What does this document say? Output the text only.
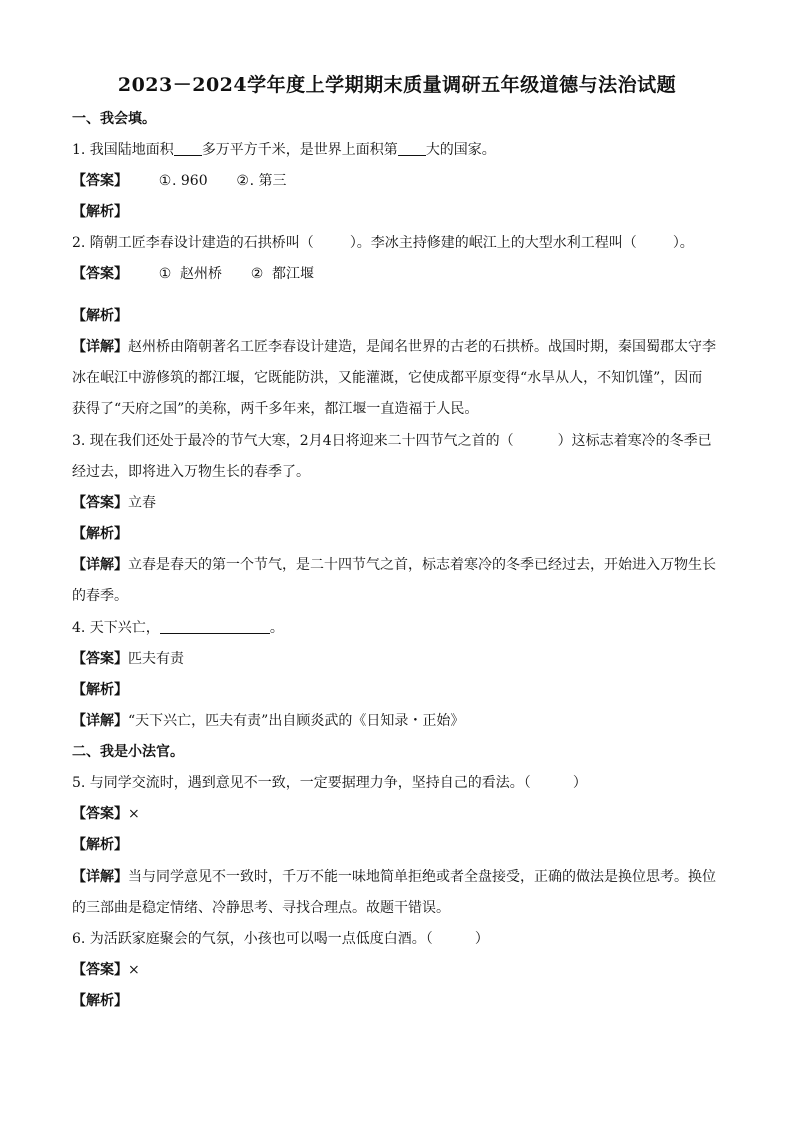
2023－2024学年度上学期期末质量调研五年级道德与法治试题
一、我会填。
1. 我国陆地面积 多万平方千米，是世界上面积第 大的国家。
【答案】 ①. 960 ②. 第三
【解析】
2. 隋朝工匠李春设计建造的石拱桥叫（	）。李冰主持修建的岷江上的大型水利工程叫（	）。
【答案】 ① 赵州桥 ② 都江堰
【解析】
【详解】赵州桥由隋朝著名工匠李春设计建造，是闻名世界的古老的石拱桥。战国时期，秦国蜀郡太守李
冰在岷江中游修筑的都江堰，它既能防洪，又能灌溉，它使成都平原变得“水旱从人，不知饥馑”，因而
获得了“天府之国”的美称，两千多年来，都江堰一直造福于人民。
3. 现在我们还处于最冷的节气大寒，2月4日将迎来二十四节气之首的（	）这标志着寒冷的冬季已
经过去，即将进入万物生长的春季了。
【答案】立春
【解析】
【详解】立春是春天的第一个节气，是二十四节气之首，标志着寒冷的冬季已经过去，开始进入万物生长
的春季。
4. 天下兴亡，	。
【答案】匹夫有责
【解析】
【详解】“天下兴亡，匹夫有责”出自顾炎武的《日知录・正始》
二、我是小法官。
5. 与同学交流时，遇到意见不一致，一定要据理力争，坚持自己的看法。（	）
【答案】×
【解析】
【详解】当与同学意见不一致时，千万不能一味地简单拒绝或者全盘接受，正确的做法是换位思考。换位
的三部曲是稳定情绪、冷静思考、寻找合理点。故题干错误。
6. 为活跃家庭聚会的气氛，小孩也可以喝一点低度白酒。（	）
【答案】×
【解析】
